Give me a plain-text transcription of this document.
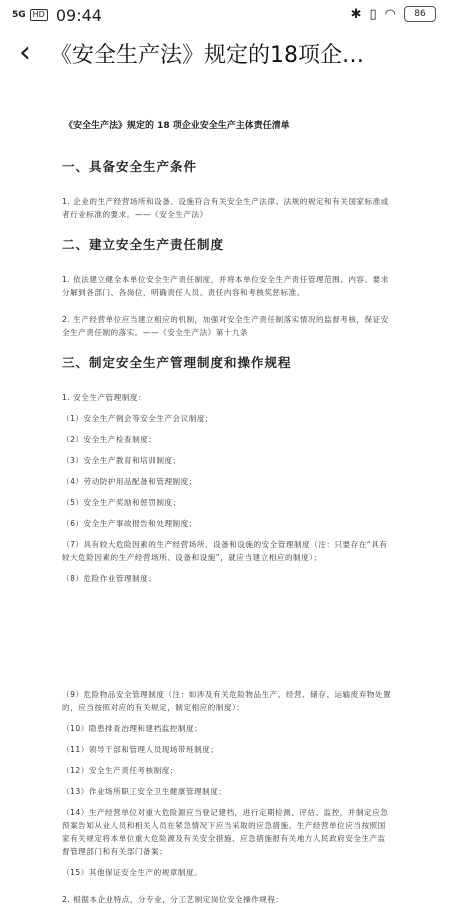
5G HD 09:44	✱ ▯ ◠	86
‹ 《安全生产法》规定的18项企…
《安全生产法》规定的 18 项企业安全生产主体责任清单
一、具备安全生产条件
1. 企业的生产经营场所和设备、设施符合有关安全生产法律、法规的规定和有关国家标准或者行业标准的要求。——《安全生产法》
二、建立安全生产责任制度
1. 依法建立健全本单位安全生产责任制度，并将本单位安全生产责任管理范围、内容、要求分解到各部门、各岗位，明确责任人员、责任内容和考核奖惩标准。
2. 生产经营单位应当建立相应的机制，加强对安全生产责任制落实情况的监督考核，保证安全生产责任制的落实。——《安全生产法》第十九条
三、制定安全生产管理制度和操作规程
1. 安全生产管理制度：
（1）安全生产例会等安全生产会议制度；
（2）安全生产检查制度；
（3）安全生产教育和培训制度；
（4）劳动防护用品配备和管理制度；
（5）安全生产奖励和惩罚制度；
（6）安全生产事故报告和处理制度；
（7）具有较大危险因素的生产经营场所、设备和设施的安全管理制度（注：只要存在“具有较大危险因素的生产经营场所、设备和设施”，就应当建立相应的制度）；
（8）危险作业管理制度；
（9）危险物品安全管理制度（注：如涉及有关危险物品生产、经营、储存、运输废弃物处置的，应当按照对应的有关规定，制定相应的制度）；
（10）隐患排查治理和建档监控制度；
（11）领导干部和管理人员现场带班制度；
（12）安全生产责任考核制度；
（13）作业场所职工安全卫生健康管理制度；
（14）生产经营单位对重大危险源应当登记建档，进行定期检测、评估、监控，并制定应急预案告知从业人员和相关人员在紧急情况下应当采取的应急措施。生产经营单位应当按照国家有关规定将本单位重大危险源及有关安全措施、应急措施报有关地方人民政府安全生产监督管理部门和有关部门备案；
（15）其他保证安全生产的规章制度。
2. 根据本企业特点，分专业，分工艺制定岗位安全操作规程：
